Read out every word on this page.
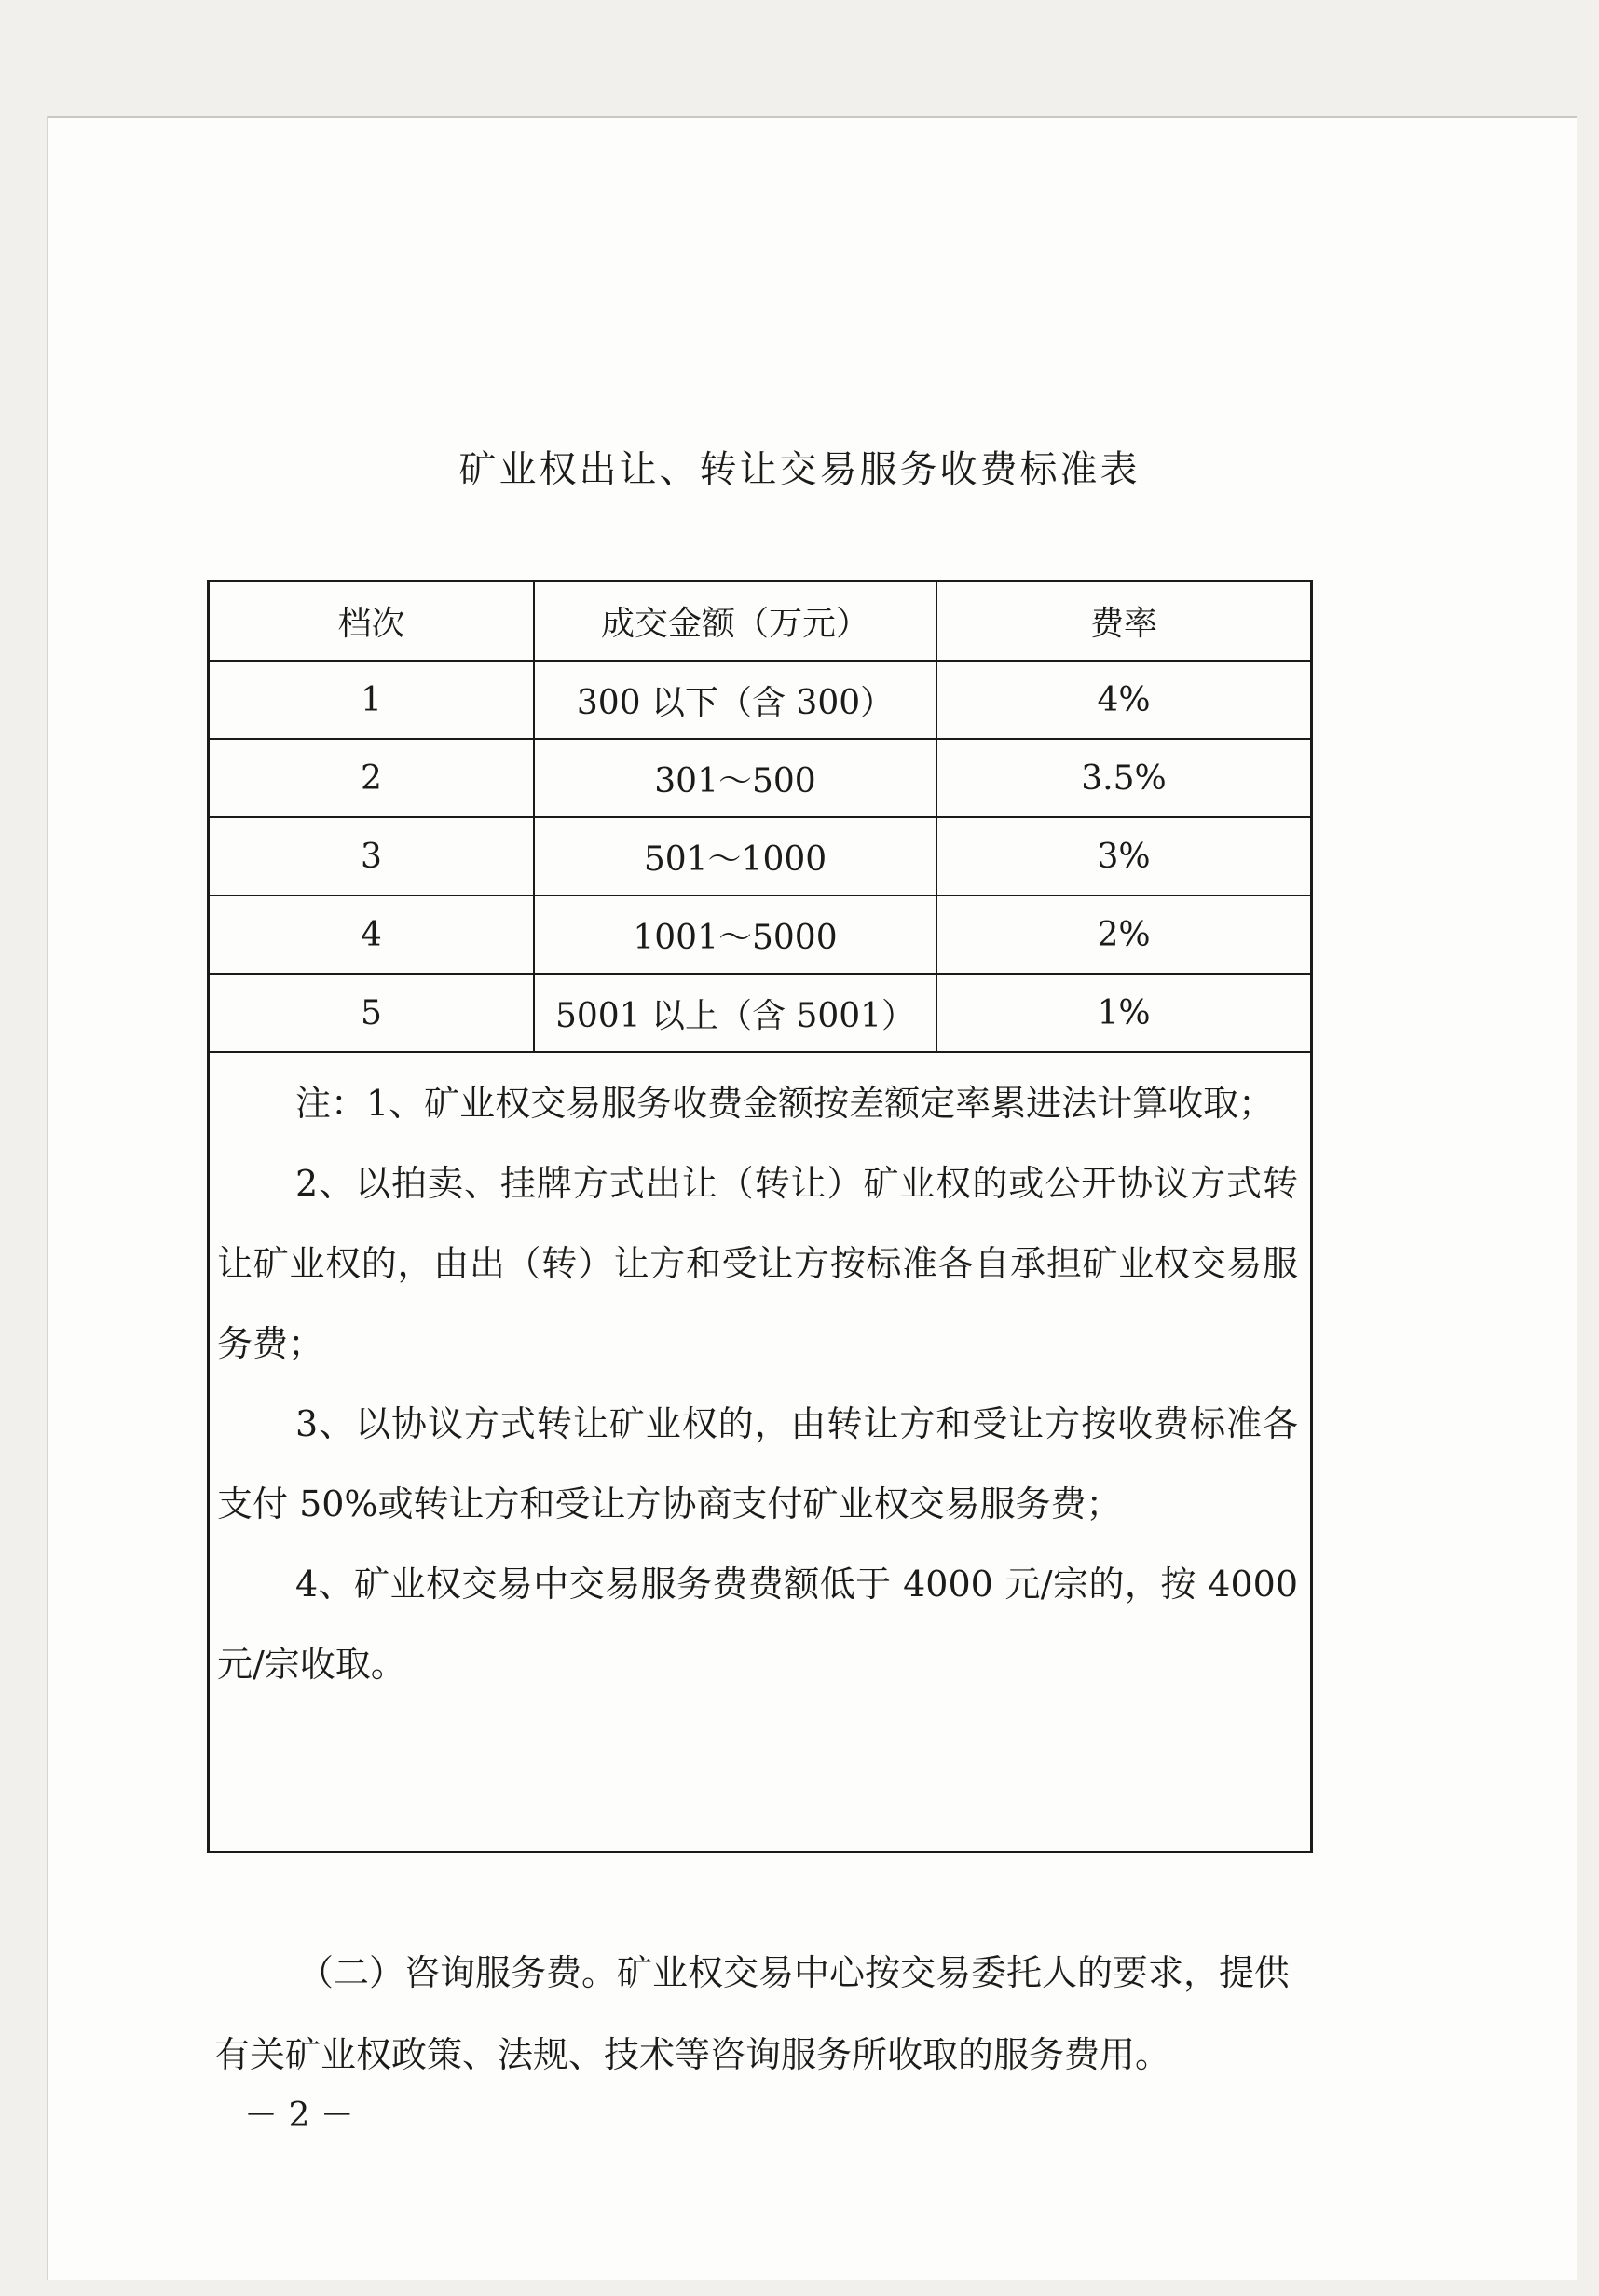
矿业权出让、转让交易服务收费标准表
档次	成交金额（万元）	费率
1	300 以下（含 300）	4%
2	301～500	3.5%
3	501～1000	3%
4	1001～5000	2%
5	5001 以上（含 5001）	1%

注：1、矿业权交易服务收费金额按差额定率累进法计算收取；

2、以拍卖、挂牌方式出让（转让）矿业权的或公开协议方式转让矿业权的，由出（转）让方和受让方按标准各自承担矿业权交易服务费；

3、以协议方式转让矿业权的，由转让方和受让方按收费标准各支付 50%或转让方和受让方协商支付矿业权交易服务费；

4、矿业权交易中交易服务费费额低于 4000 元/宗的，按 4000 元/宗收取。

（二）咨询服务费。矿业权交易中心按交易委托人的要求，提供有关矿业权政策、法规、技术等咨询服务所收取的服务费用。

－ 2 －
